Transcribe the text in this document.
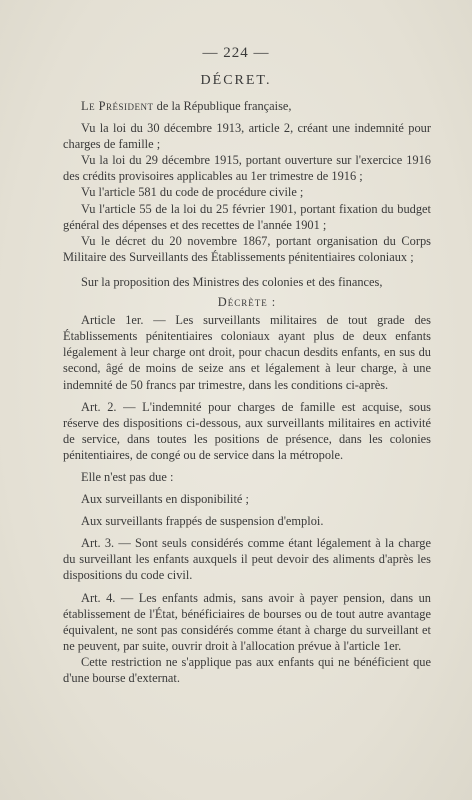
— 224 —
DÉCRET.

Le Président de la République française,

Vu la loi du 30 décembre 1913, article 2, créant une indemnité pour charges de famille ;

Vu la loi du 29 décembre 1915, portant ouverture sur l'exercice 1916 des crédits provisoires applicables au 1er trimestre de 1916 ;

Vu l'article 581 du code de procédure civile ;

Vu l'article 55 de la loi du 25 février 1901, portant fixation du budget général des dépenses et des recettes de l'année 1901 ;

Vu le décret du 20 novembre 1867, portant organisation du Corps Militaire des Surveillants des Établissements pénitentiaires coloniaux ;

Sur la proposition des Ministres des colonies et des finances,

Décrète :

Article 1er. — Les surveillants militaires de tout grade des Établissements pénitentiaires coloniaux ayant plus de deux enfants légalement à leur charge ont droit, pour chacun desdits enfants, en sus du second, âgé de moins de seize ans et légalement à leur charge, à une indemnité de 50 francs par trimestre, dans les conditions ci-après.

Art. 2. — L'indemnité pour charges de famille est acquise, sous réserve des dispositions ci-dessous, aux surveillants militaires en activité de service, dans toutes les positions de présence, dans les colonies pénitentiaires, de congé ou de service dans la métropole.

Elle n'est pas due :

Aux surveillants en disponibilité ;

Aux surveillants frappés de suspension d'emploi.

Art. 3. — Sont seuls considérés comme étant légalement à la charge du surveillant les enfants auxquels il peut devoir des aliments d'après les dispositions du code civil.

Art. 4. — Les enfants admis, sans avoir à payer pension, dans un établissement de l'État, bénéficiaires de bourses ou de tout autre avantage équivalent, ne sont pas considérés comme étant à charge du surveillant et ne peuvent, par suite, ouvrir droit à l'allocation prévue à l'article 1er.

Cette restriction ne s'applique pas aux enfants qui ne bénéficient que d'une bourse d'externat.
